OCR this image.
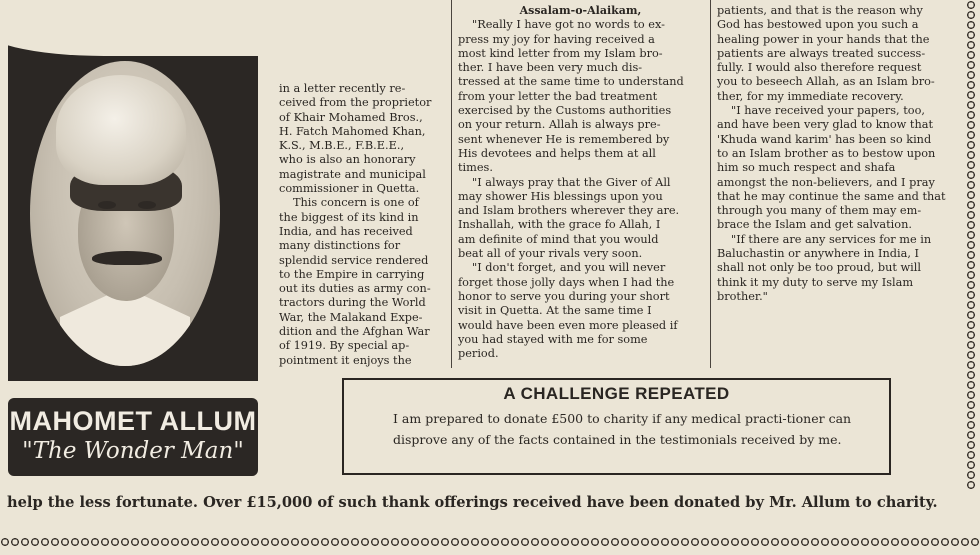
MAHOMET ALLUM
"The Wonder Man"

in a letter recently re-

ceived from the proprietor

of Khair Mohamed Bros.,

H. Fatch Mahomed Khan,

K.S., M.B.E., F.B.E.E.,

who is also an honorary

magistrate and municipal

commissioner in Quetta.

This concern is one of

the biggest of its kind in

India, and has received

many distinctions for

splendid service rendered

to the Empire in carrying

out its duties as army con-

tractors during the World

War, the Malakand Expe-

dition and the Afghan War

of 1919. By special ap-

pointment it enjoys the

Assalam-o-Alaikam,

"Really I have got no words to ex-

press my joy for having received a

most kind letter from my Islam bro-

ther. I have been very much dis-

tressed at the same time to understand

from your letter the bad treatment

exercised by the Customs authorities

on your return. Allah is always pre-

sent whenever He is remembered by

His devotees and helps them at all

times.

"I always pray that the Giver of All

may shower His blessings upon you

and Islam brothers wherever they are.

Inshallah, with the grace fo Allah, I

am definite of mind that you would

beat all of your rivals very soon.

"I don't forget, and you will never

forget those jolly days when I had the

honor to serve you during your short

visit in Quetta. At the same time I

would have been even more pleased if

you had stayed with me for some

period.

patients, and that is the reason why

God has bestowed upon you such a

healing power in your hands that the

patients are always treated success-

fully. I would also therefore request

you to beseech Allah, as an Islam bro-

ther, for my immediate recovery.

"I have received your papers, too,

and have been very glad to know that

'Khuda wand karim' has been so kind

to an Islam brother as to bestow upon

him so much respect and shafa

amongst the non-believers, and I pray

that he may continue the same and that

through you many of them may em-

brace the Islam and get salvation.

"If there are any services for me in

Baluchastin or anywhere in India, I

shall not only be too proud, but will

think it my duty to serve my Islam

brother."

A CHALLENGE REPEATED
I am prepared to donate £500 to charity if any medical practi-tioner can disprove any of the facts contained in the testimonials received by me.
help the less fortunate. Over £15,000 of such thank offerings received have been donated by Mr. Allum to charity.
